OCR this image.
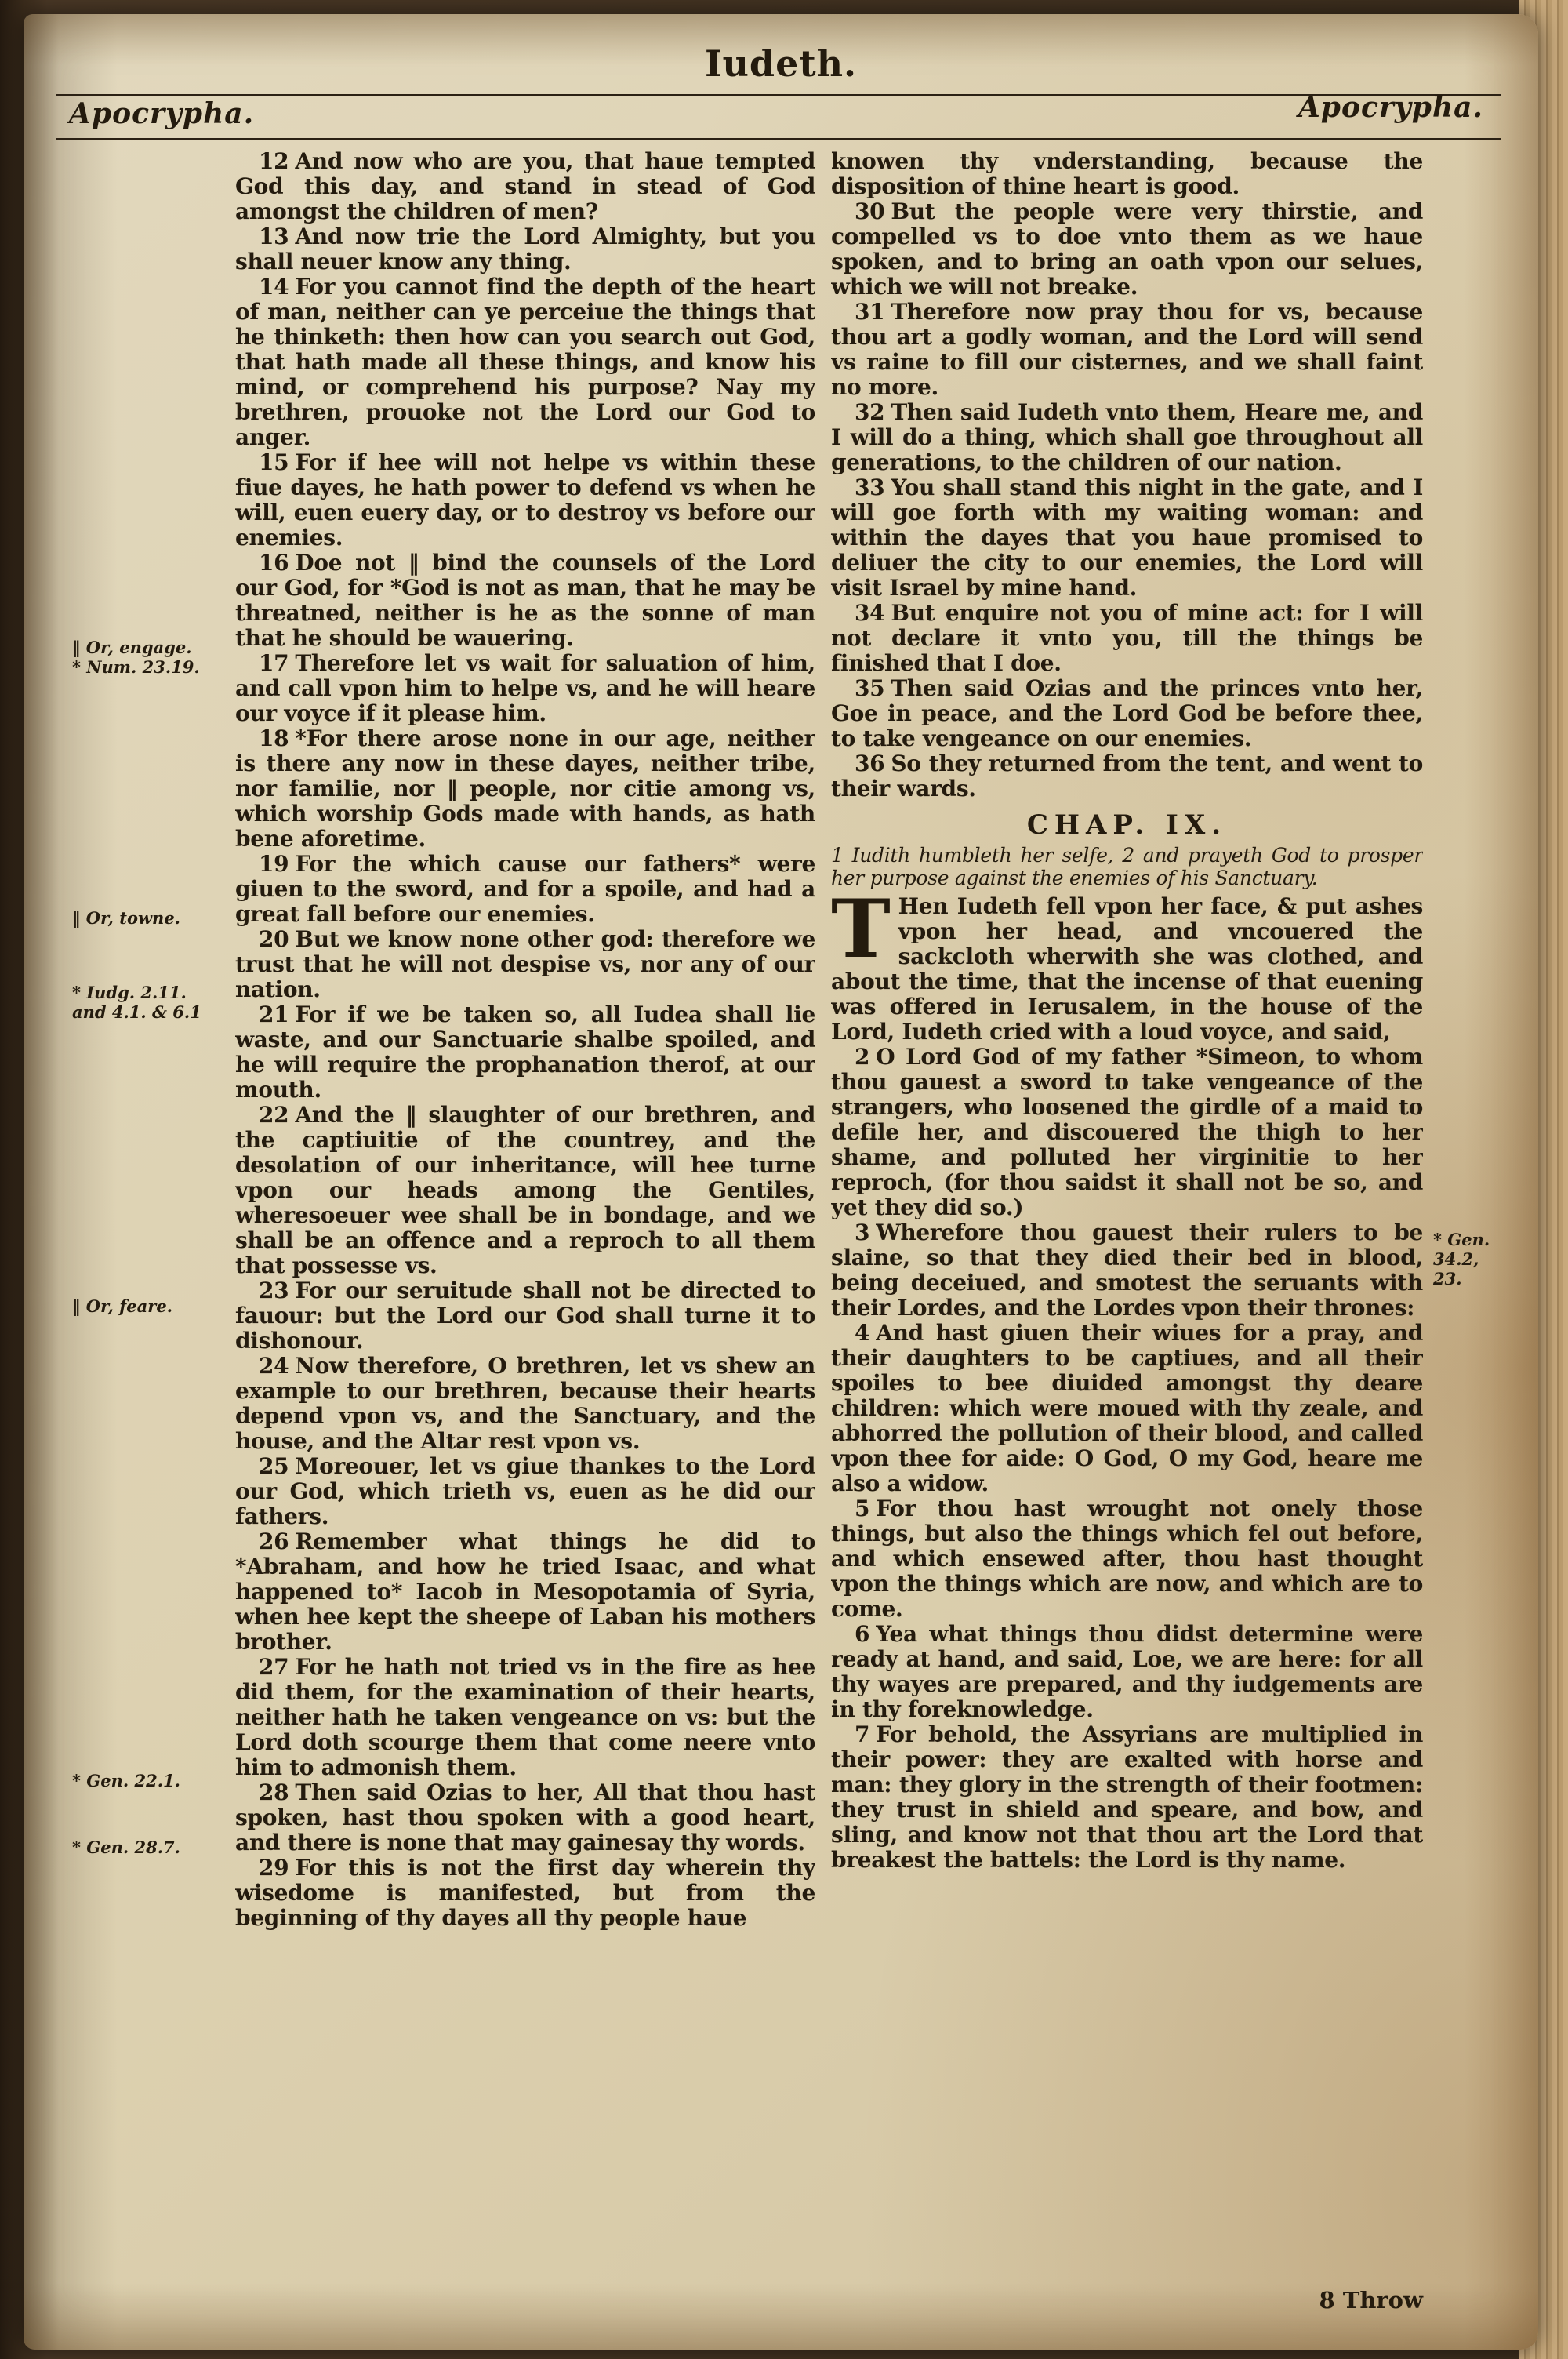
Iudeth.
Apocrypha.	Apocrypha.
‖ Or, engage.
* Num. 23.19.
‖ Or, towne.
* Iudg. 2.11.
and 4.1. & 6.1
‖ Or, feare.
* Gen. 22.1.
* Gen. 28.7.

12 And now who are you, that haue tempted God this day, and stand in stead of God amongst the children of men?

13 And now trie the Lord Almighty, but you shall neuer know any thing.

14 For you cannot find the depth of the heart of man, neither can ye perceiue the things that he thinketh: then how can you search out God, that hath made all these things, and know his mind, or comprehend his purpose? Nay my brethren, prouoke not the Lord our God to anger.

15 For if hee will not helpe vs within these fiue dayes, he hath power to defend vs when he will, euen euery day, or to destroy vs before our enemies.

16 Doe not ‖ bind the counsels of the Lord our God, for *God is not as man, that he may be threatned, neither is he as the sonne of man that he should be wauering.

17 Therefore let vs wait for saluation of him, and call vpon him to helpe vs, and he will heare our voyce if it please him.

18 *For there arose none in our age, neither is there any now in these dayes, neither tribe, nor familie, nor ‖ people, nor citie among vs, which worship Gods made with hands, as hath bene aforetime.

19 For the which cause our fathers* were giuen to the sword, and for a spoile, and had a great fall before our enemies.

20 But we know none other god: therefore we trust that he will not despise vs, nor any of our nation.

21 For if we be taken so, all Iudea shall lie waste, and our Sanctuarie shalbe spoiled, and he will require the prophanation therof, at our mouth.

22 And the ‖ slaughter of our brethren, and the captiuitie of the countrey, and the desolation of our inheritance, will hee turne vpon our heads among the Gentiles, wheresoeuer wee shall be in bondage, and we shall be an offence and a reproch to all them that possesse vs.

23 For our seruitude shall not be directed to fauour: but the Lord our God shall turne it to dishonour.

24 Now therefore, O brethren, let vs shew an example to our brethren, because their hearts depend vpon vs, and the Sanctuary, and the house, and the Altar rest vpon vs.

25 Moreouer, let vs giue thankes to the Lord our God, which trieth vs, euen as he did our fathers.

26 Remember what things he did to *Abraham, and how he tried Isaac, and what happened to* Iacob in Mesopotamia of Syria, when hee kept the sheepe of Laban his mothers brother.

27 For he hath not tried vs in the fire as hee did them, for the examination of their hearts, neither hath he taken vengeance on vs: but the Lord doth scourge them that come neere vnto him to admonish them.

28 Then said Ozias to her, All that thou hast spoken, hast thou spoken with a good heart, and there is none that may gainesay thy words.

29 For this is not the first day wherein thy wisedome is manifested, but from the beginning of thy dayes all thy people haue

knowen thy vnderstanding, because the disposition of thine heart is good.

30 But the people were very thirstie, and compelled vs to doe vnto them as we haue spoken, and to bring an oath vpon our selues, which we will not breake.

31 Therefore now pray thou for vs, because thou art a godly woman, and the Lord will send vs raine to fill our cisternes, and we shall faint no more.

32 Then said Iudeth vnto them, Heare me, and I will do a thing, which shall goe throughout all generations, to the children of our nation.

33 You shall stand this night in the gate, and I will goe forth with my waiting woman: and within the dayes that you haue promised to deliuer the city to our enemies, the Lord will visit Israel by mine hand.

34 But enquire not you of mine act: for I will not declare it vnto you, till the things be finished that I doe.

35 Then said Ozias and the princes vnto her, Goe in peace, and the Lord God be before thee, to take vengeance on our enemies.

36 So they returned from the tent, and went to their wards.

CHAP. IX.

1 Iudith humbleth her selfe, 2 and prayeth God to prosper her purpose against the enemies of his Sanctuary.

T Hen Iudeth fell vpon her face, & put ashes vpon her head, and vncouered the sackcloth wherwith she was clothed, and about the time, that the incense of that euening was offered in Ierusalem, in the house of the Lord, Iudeth cried with a loud voyce, and said,

2 O Lord God of my father *Simeon, to whom thou gauest a sword to take vengeance of the strangers, who loosened the girdle of a maid to defile her, and discouered the thigh to her shame, and polluted her virginitie to her reproch, (for thou saidst it shall not be so, and yet they did so.)

3 Wherefore thou gauest their rulers to be slaine, so that they died their bed in blood, being deceiued, and smotest the seruants with their Lordes, and the Lordes vpon their thrones:

4 And hast giuen their wiues for a pray, and their daughters to be captiues, and all their spoiles to bee diuided amongst thy deare children: which were moued with thy zeale, and abhorred the pollution of their blood, and called vpon thee for aide: O God, O my God, heare me also a widow.

5 For thou hast wrought not onely those things, but also the things which fel out before, and which ensewed after, thou hast thought vpon the things which are now, and which are to come.

6 Yea what things thou didst determine were ready at hand, and said, Loe, we are here: for all thy wayes are prepared, and thy iudgements are in thy foreknowledge.

7 For behold, the Assyrians are multiplied in their power: they are exalted with horse and man: they glory in the strength of their footmen: they trust in shield and speare, and bow, and sling, and know not that thou art the Lord that breakest the battels: the Lord is thy name.

* Gen. 34.2,
23.
8 Throw
